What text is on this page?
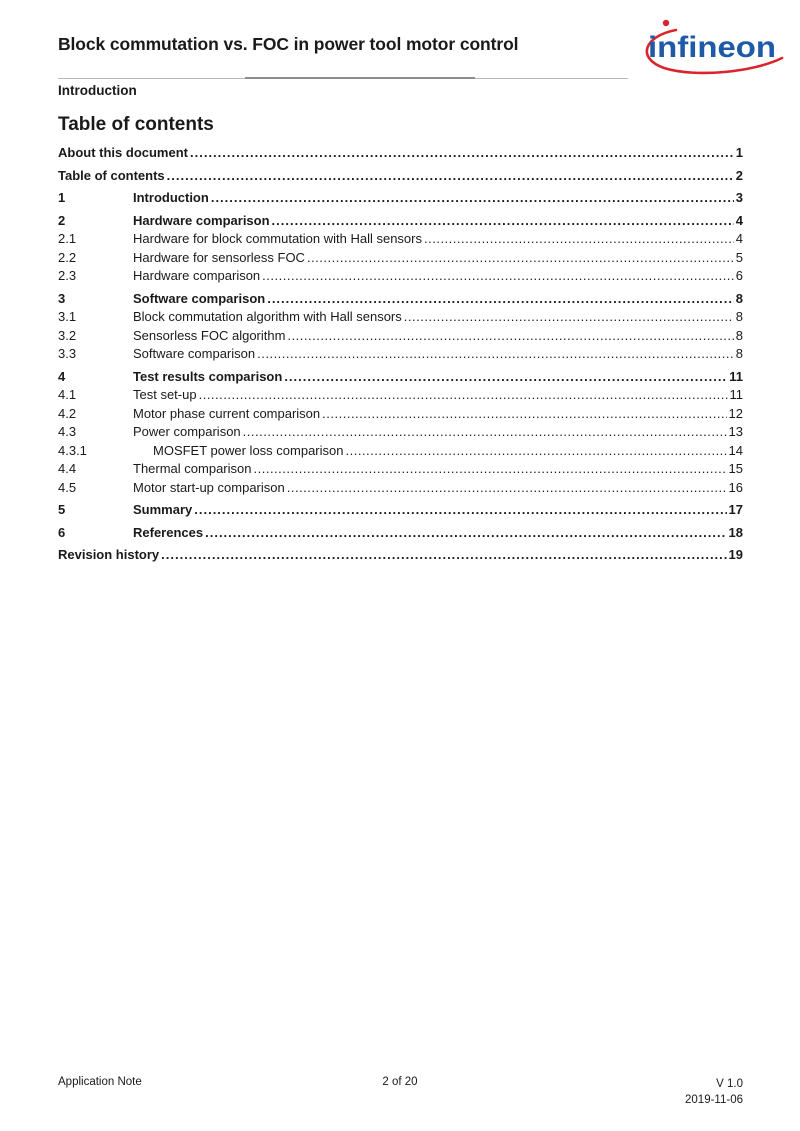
Block commutation vs. FOC in power tool motor control	infineon
Introduction
Table of contents
About this document .....	1
Table of contents .....	2
1	Introduction .....	3
2	Hardware comparison .....	4
2.1	Hardware for block commutation with Hall sensors .....	4
2.2	Hardware for sensorless FOC .....	5
2.3	Hardware comparison .....	6
3	Software comparison .....	8
3.1	Block commutation algorithm with Hall sensors .....	8
3.2	Sensorless FOC algorithm .....	8
3.3	Software comparison .....	8
4	Test results comparison .....	11
4.1	Test set-up .....	11
4.2	Motor phase current comparison .....	12
4.3	Power comparison .....	13
4.3.1	MOSFET power loss comparison .....	14
4.4	Thermal comparison .....	15
4.5	Motor start-up comparison .....	16
5	Summary .....	17
6	References .....	18
Revision history .....	19
Application Note	2 of 20	V 1.0
2019-11-06
